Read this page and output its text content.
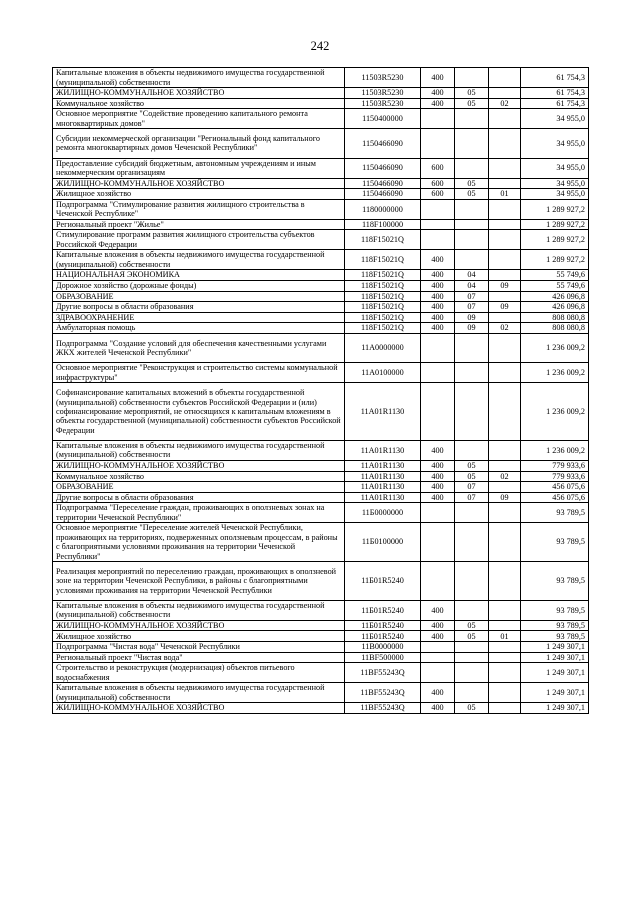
242
Капитальные вложения в объекты недвижимого имущества государственной (муниципальной) собственности	11503R5230	400			61 754,3
ЖИЛИЩНО-КОММУНАЛЬНОЕ ХОЗЯЙСТВО	11503R5230	400	05		61 754,3
Коммунальное хозяйство	11503R5230	400	05	02	61 754,3
Основное мероприятие "Содействие проведению капитального ремонта многоквартирных домов"	1150400000				34 955,0
Субсидии некоммерческой организации "Региональный фонд капитального ремонта многоквартирных домов Чеченской Республики"	1150466090				34 955,0
Предоставление субсидий бюджетным, автономным учреждениям и иным некоммерческим организациям	1150466090	600			34 955,0
ЖИЛИЩНО-КОММУНАЛЬНОЕ ХОЗЯЙСТВО	1150466090	600	05		34 955,0
Жилищное хозяйство	1150466090	600	05	01	34 955,0
Подпрограмма "Стимулирование развития жилищного строительства в Чеченской Республике"	1180000000				1 289 927,2
Региональный проект "Жилье"	118F100000				1 289 927,2
Стимулирование программ развития жилищного строительства субъектов Российской Федерации	118F15021Q				1 289 927,2
Капитальные вложения в объекты недвижимого имущества государственной (муниципальной) собственности	118F15021Q	400			1 289 927,2
НАЦИОНАЛЬНАЯ ЭКОНОМИКА	118F15021Q	400	04		55 749,6
Дорожное хозяйство (дорожные фонды)	118F15021Q	400	04	09	55 749,6
ОБРАЗОВАНИЕ	118F15021Q	400	07		426 096,8
Другие вопросы в области образования	118F15021Q	400	07	09	426 096,8
ЗДРАВООХРАНЕНИЕ	118F15021Q	400	09		808 080,8
Амбулаторная помощь	118F15021Q	400	09	02	808 080,8
Подпрограмма "Создание условий для обеспечения качественными услугами ЖКХ жителей Чеченской Республики"	11А0000000				1 236 009,2
Основное мероприятие "Реконструкция и строительство системы коммунальной инфраструктуры"	11А0100000				1 236 009,2
Софинансирование капитальных вложений в объекты государственной (муниципальной) собственности субъектов Российской Федерации и (или) софинансирование мероприятий, не относящихся к капитальным вложениям в объекты государственной (муниципальной) собственности субъектов Российской Федерации	11А01R1130				1 236 009,2
Капитальные вложения в объекты недвижимого имущества государственной (муниципальной) собственности	11А01R1130	400			1 236 009,2
ЖИЛИЩНО-КОММУНАЛЬНОЕ ХОЗЯЙСТВО	11А01R1130	400	05		779 933,6
Коммунальное хозяйство	11А01R1130	400	05	02	779 933,6
ОБРАЗОВАНИЕ	11А01R1130	400	07		456 075,6
Другие вопросы в области образования	11А01R1130	400	07	09	456 075,6
Подпрограмма "Переселение граждан, проживающих в оползневых зонах на территории Чеченской Республики"	11Б0000000				93 789,5
Основное мероприятие "Переселение жителей Чеченской Республики, проживающих на территориях, подверженных оползневым процессам, в районы с благоприятными условиями проживания на территории Чеченской Республики"	11Б0100000				93 789,5
Реализация мероприятий по переселению граждан, проживающих в оползневой зоне на территории Чеченской Республики, в районы с благоприятными условиями проживания на территории Чеченской Республики	11Б01R5240				93 789,5
Капитальные вложения в объекты недвижимого имущества государственной (муниципальной) собственности	11Б01R5240	400			93 789,5
ЖИЛИЩНО-КОММУНАЛЬНОЕ ХОЗЯЙСТВО	11Б01R5240	400	05		93 789,5
Жилищное хозяйство	11Б01R5240	400	05	01	93 789,5
Подпрограмма "Чистая вода" Чеченской Республики	11В0000000				1 249 307,1
Региональный проект "Чистая вода"	11ВF500000				1 249 307,1
Строительство и реконструкция (модернизация) объектов питьевого водоснабжения	11ВF55243Q				1 249 307,1
Капитальные вложения в объекты недвижимого имущества государственной (муниципальной) собственности	11ВF55243Q	400			1 249 307,1
ЖИЛИЩНО-КОММУНАЛЬНОЕ ХОЗЯЙСТВО	11ВF55243Q	400	05		1 249 307,1
